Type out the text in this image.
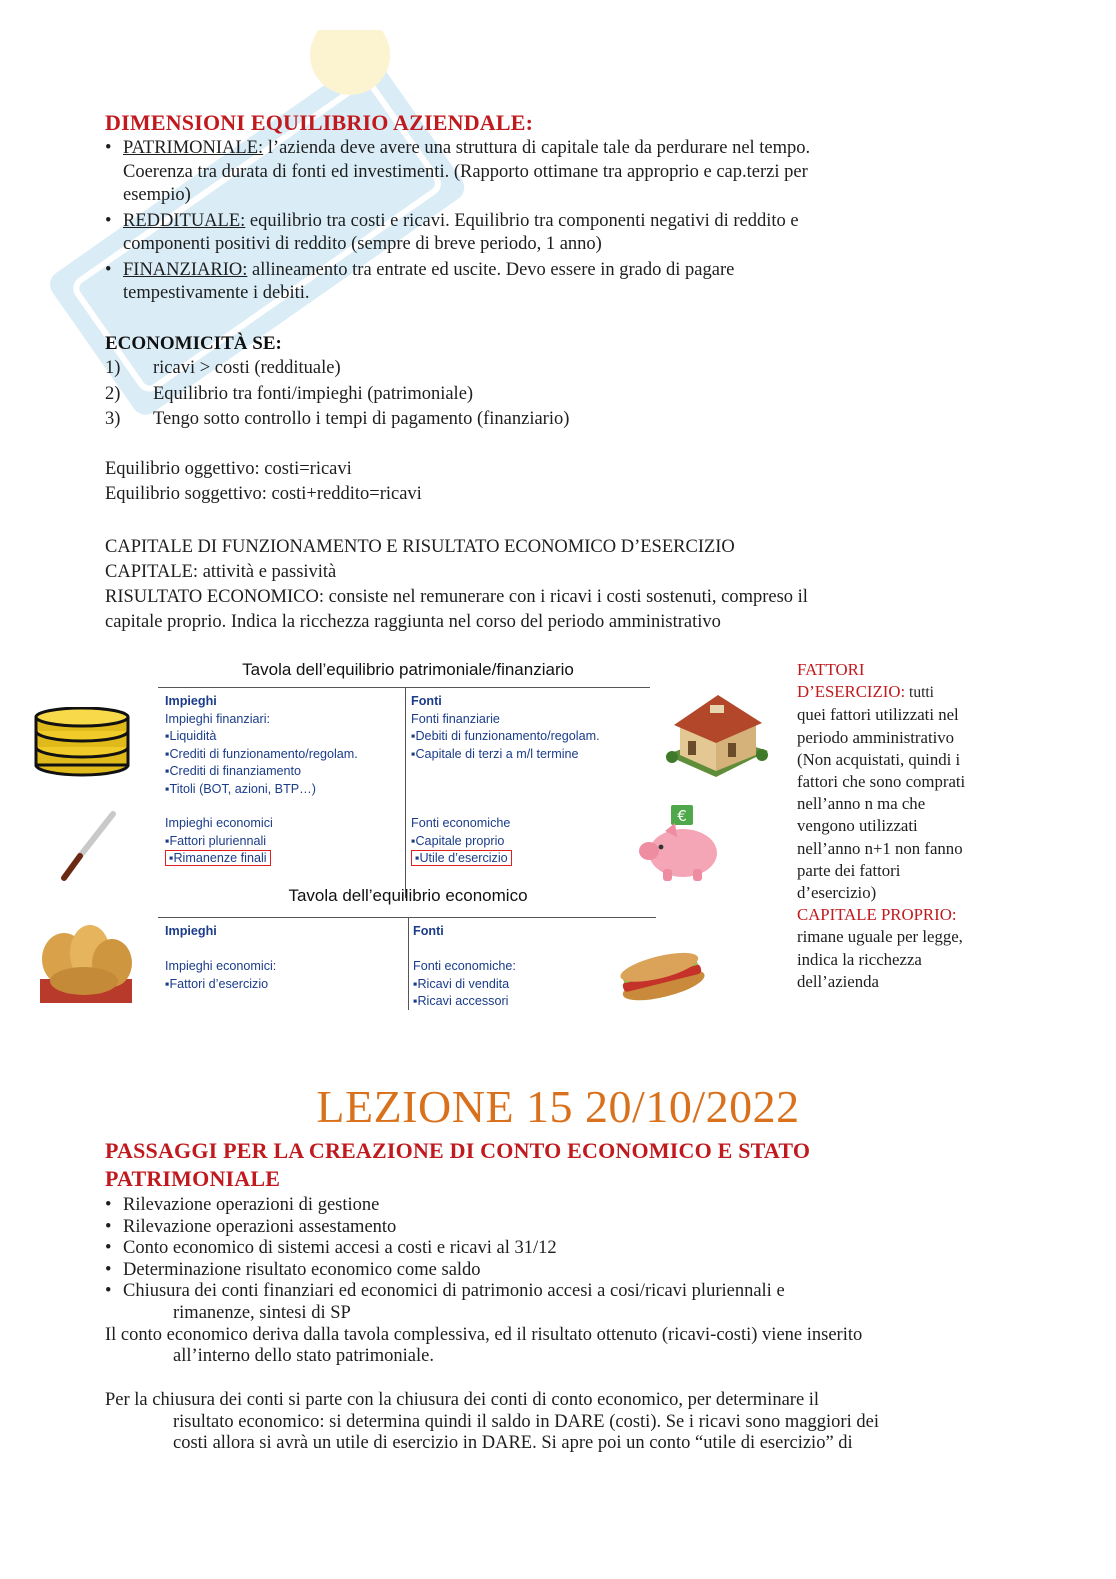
DIMENSIONI EQUILIBRIO AZIENDALE:
• PATRIMONIALE: l’azienda deve avere una struttura di capitale tale da perdurare nel tempo.
Coerenza tra durata di fonti ed investimenti. (Rapporto ottimane tra approprio e cap.terzi per
esempio)
• REDDITUALE: equilibrio tra costi e ricavi. Equilibrio tra componenti negativi di reddito e
componenti positivi di reddito (sempre di breve periodo, 1 anno)
• FINANZIARIO: allineamento tra entrate ed uscite. Devo essere in grado di pagare
tempestivamente i debiti.
ECONOMICITÀ SE:
1) ricavi > costi (reddituale)
2) Equilibrio tra fonti/impieghi (patrimoniale)
3) Tengo sotto controllo i tempi di pagamento (finanziario)
Equilibrio oggettivo: costi=ricavi
Equilibrio soggettivo: costi+reddito=ricavi
CAPITALE DI FUNZIONAMENTO E RISULTATO ECONOMICO D’ESERCIZIO
CAPITALE: attività e passività
RISULTATO ECONOMICO: consiste nel remunerare con i ricavi i costi sostenuti, compreso il
capitale proprio. Indica la ricchezza raggiunta nel corso del periodo amministrativo
Tavola dell’equilibrio patrimoniale/finanziario
Impieghi
Impieghi finanziari:
▪Liquidità
▪Crediti di funzionamento/regolam.
▪Crediti di finanziamento
▪Titoli (BOT, azioni, BTP…)
Impieghi economici
▪Fattori pluriennali
▪Rimanenze finali
Fonti
Fonti finanziarie
▪Debiti di funzionamento/regolam.
▪Capitale di terzi a m/l termine
Fonti economiche
▪Capitale proprio
▪Utile d’esercizio
Tavola dell’equilibrio economico
Impieghi

Impieghi economici:
▪Fattori d’esercizio
Fonti

Fonti economiche:
▪Ricavi di vendita
▪Ricavi accessori
€
FATTORI
D’ESERCIZIO: tutti
quei fattori utilizzati nel
periodo amministrativo
(Non acquistati, quindi i
fattori che sono comprati
nell’anno n ma che
vengono utilizzati
nell’anno n+1 non fanno
parte dei fattori
d’esercizio)
CAPITALE PROPRIO:
rimane uguale per legge,
indica la ricchezza
dell’azienda
LEZIONE 15 20/10/2022
PASSAGGI PER LA CREAZIONE DI CONTO ECONOMICO E STATO
PATRIMONIALE
• Rilevazione operazioni di gestione
• Rilevazione operazioni assestamento
• Conto economico di sistemi accesi a costi e ricavi al 31/12
• Determinazione risultato economico come saldo
• Chiusura dei conti finanziari ed economici di patrimonio accesi a cosi/ricavi pluriennali e
rimanenze, sintesi di SP
Il conto economico deriva dalla tavola complessiva, ed il risultato ottenuto (ricavi-costi) viene inserito
all’interno dello stato patrimoniale.
Per la chiusura dei conti si parte con la chiusura dei conti di conto economico, per determinare il
risultato economico: si determina quindi il saldo in DARE (costi). Se i ricavi sono maggiori dei
costi allora si avrà un utile di esercizio in DARE. Si apre poi un conto “utile di esercizio” di
